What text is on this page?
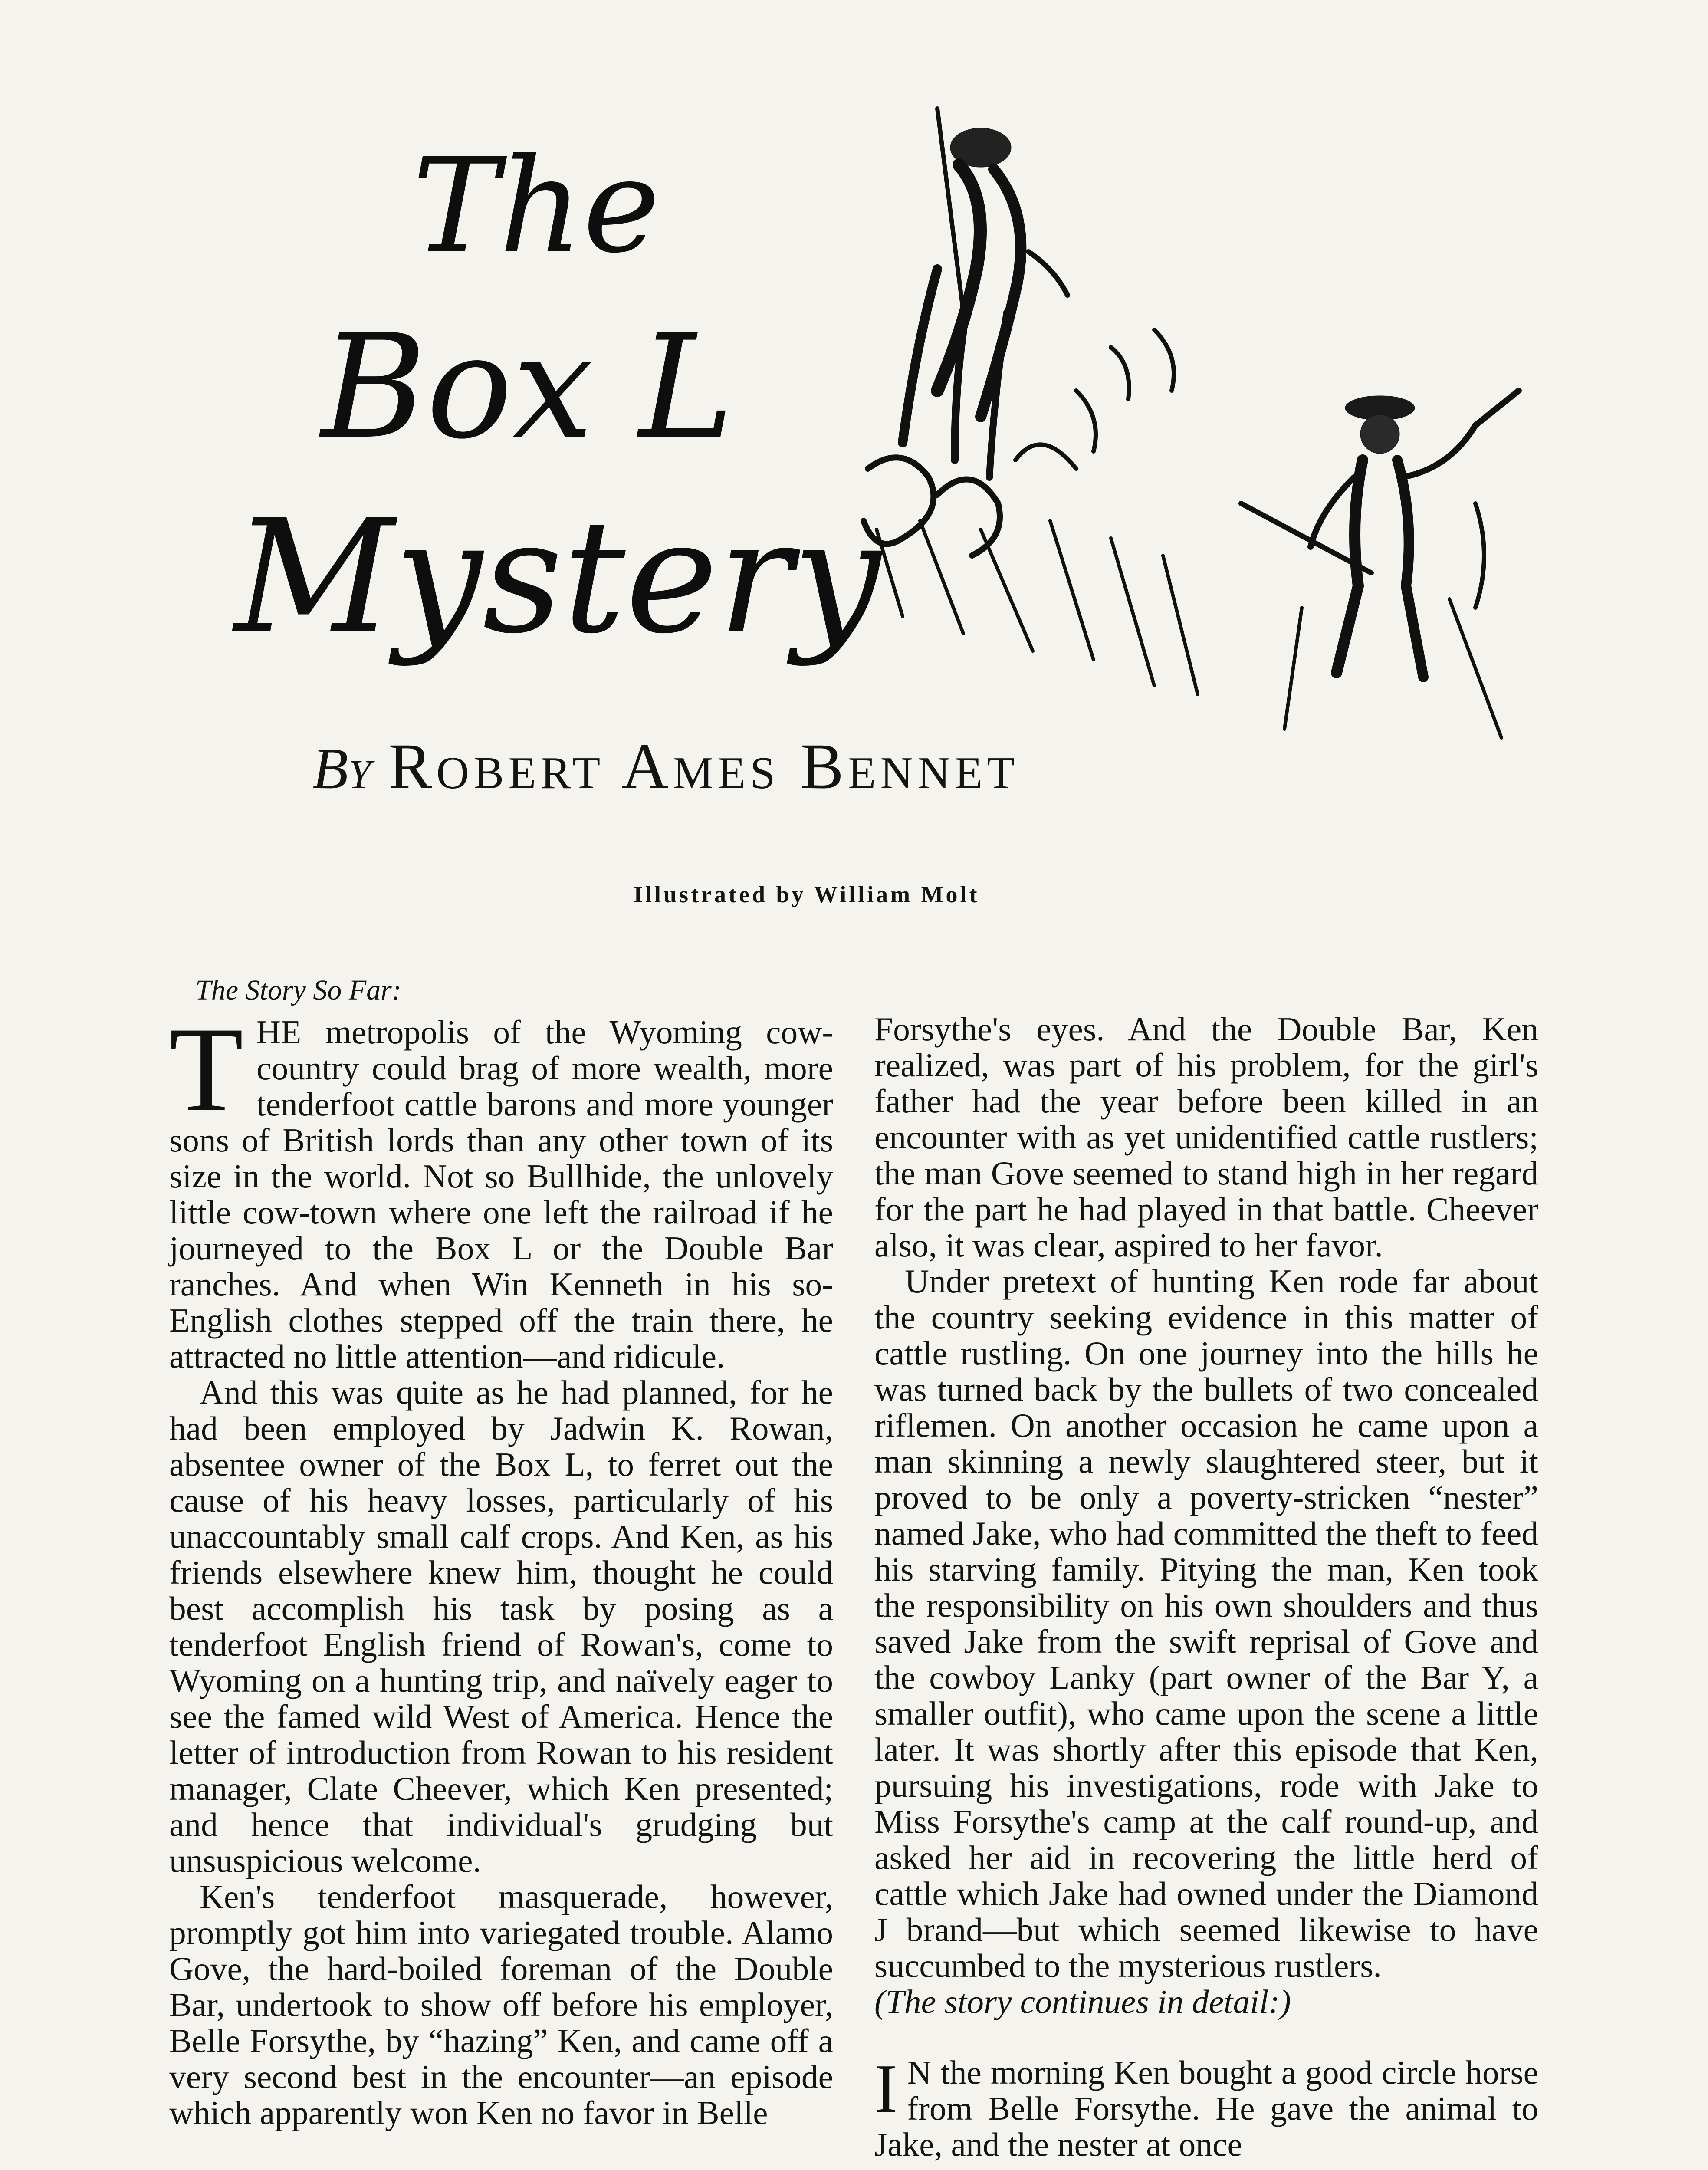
The
Box L
Mystery
By Robert Ames Bennet
Illustrated by William Molt
The Story So Far:

THE metropolis of the Wyoming cow-country could brag of more wealth, more tenderfoot cattle barons and more younger sons of British lords than any other town of its size in the world. Not so Bullhide, the unlovely little cow-town where one left the railroad if he journeyed to the Box L or the Double Bar ranches. And when Win Kenneth in his so-English clothes stepped off the train there, he attracted no little attention—and ridicule.

And this was quite as he had planned, for he had been employed by Jadwin K. Rowan, absentee owner of the Box L, to ferret out the cause of his heavy losses, particularly of his unaccountably small calf crops. And Ken, as his friends elsewhere knew him, thought he could best accomplish his task by posing as a tenderfoot English friend of Rowan's, come to Wyoming on a hunting trip, and naïvely eager to see the famed wild West of America. Hence the letter of introduction from Rowan to his resident manager, Clate Cheever, which Ken presented; and hence that individual's grudging but unsuspicious welcome.

Ken's tenderfoot masquerade, however, promptly got him into variegated trouble. Alamo Gove, the hard-boiled foreman of the Double Bar, undertook to show off before his employer, Belle Forsythe, by “hazing” Ken, and came off a very second best in the encounter—an episode which apparently won Ken no favor in Belle

Forsythe's eyes. And the Double Bar, Ken realized, was part of his problem, for the girl's father had the year before been killed in an encounter with as yet unidentified cattle rustlers; the man Gove seemed to stand high in her regard for the part he had played in that battle. Cheever also, it was clear, aspired to her favor.

Under pretext of hunting Ken rode far about the country seeking evidence in this matter of cattle rustling. On one journey into the hills he was turned back by the bullets of two concealed riflemen. On another occasion he came upon a man skinning a newly slaughtered steer, but it proved to be only a poverty-stricken “nester” named Jake, who had committed the theft to feed his starving family. Pitying the man, Ken took the responsibility on his own shoulders and thus saved Jake from the swift reprisal of Gove and the cowboy Lanky (part owner of the Bar Y, a smaller outfit), who came upon the scene a little later. It was shortly after this episode that Ken, pursuing his investigations, rode with Jake to Miss Forsythe's camp at the calf round-up, and asked her aid in recovering the little herd of cattle which Jake had owned under the Diamond J brand—but which seemed likewise to have succumbed to the mysterious rustlers.

(The story continues in detail:)

I N the morning Ken bought a good circle horse from Belle Forsythe. He gave the animal to Jake, and the nester at once
